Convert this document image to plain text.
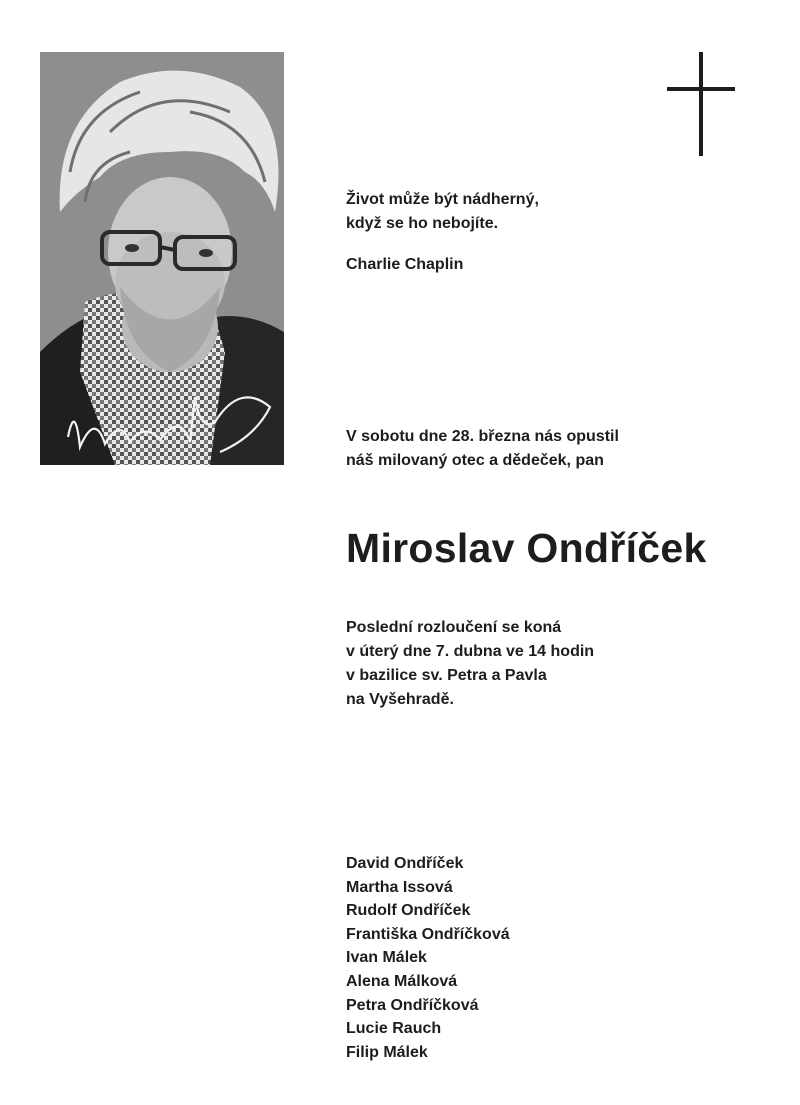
Život může být nádherný,
když se ho nebojíte.
Charlie Chaplin
V sobotu dne 28. března nás opustil
náš milovaný otec a dědeček, pan
Miroslav Ondříček
Poslední rozloučení se koná
v úterý dne 7. dubna ve 14 hodin
v bazilice sv. Petra a Pavla
na Vyšehradě.
David Ondříček
Martha Issová
Rudolf Ondříček
Františka Ondříčková
Ivan Málek
Alena Málková
Petra Ondříčková
Lucie Rauch
Filip Málek
